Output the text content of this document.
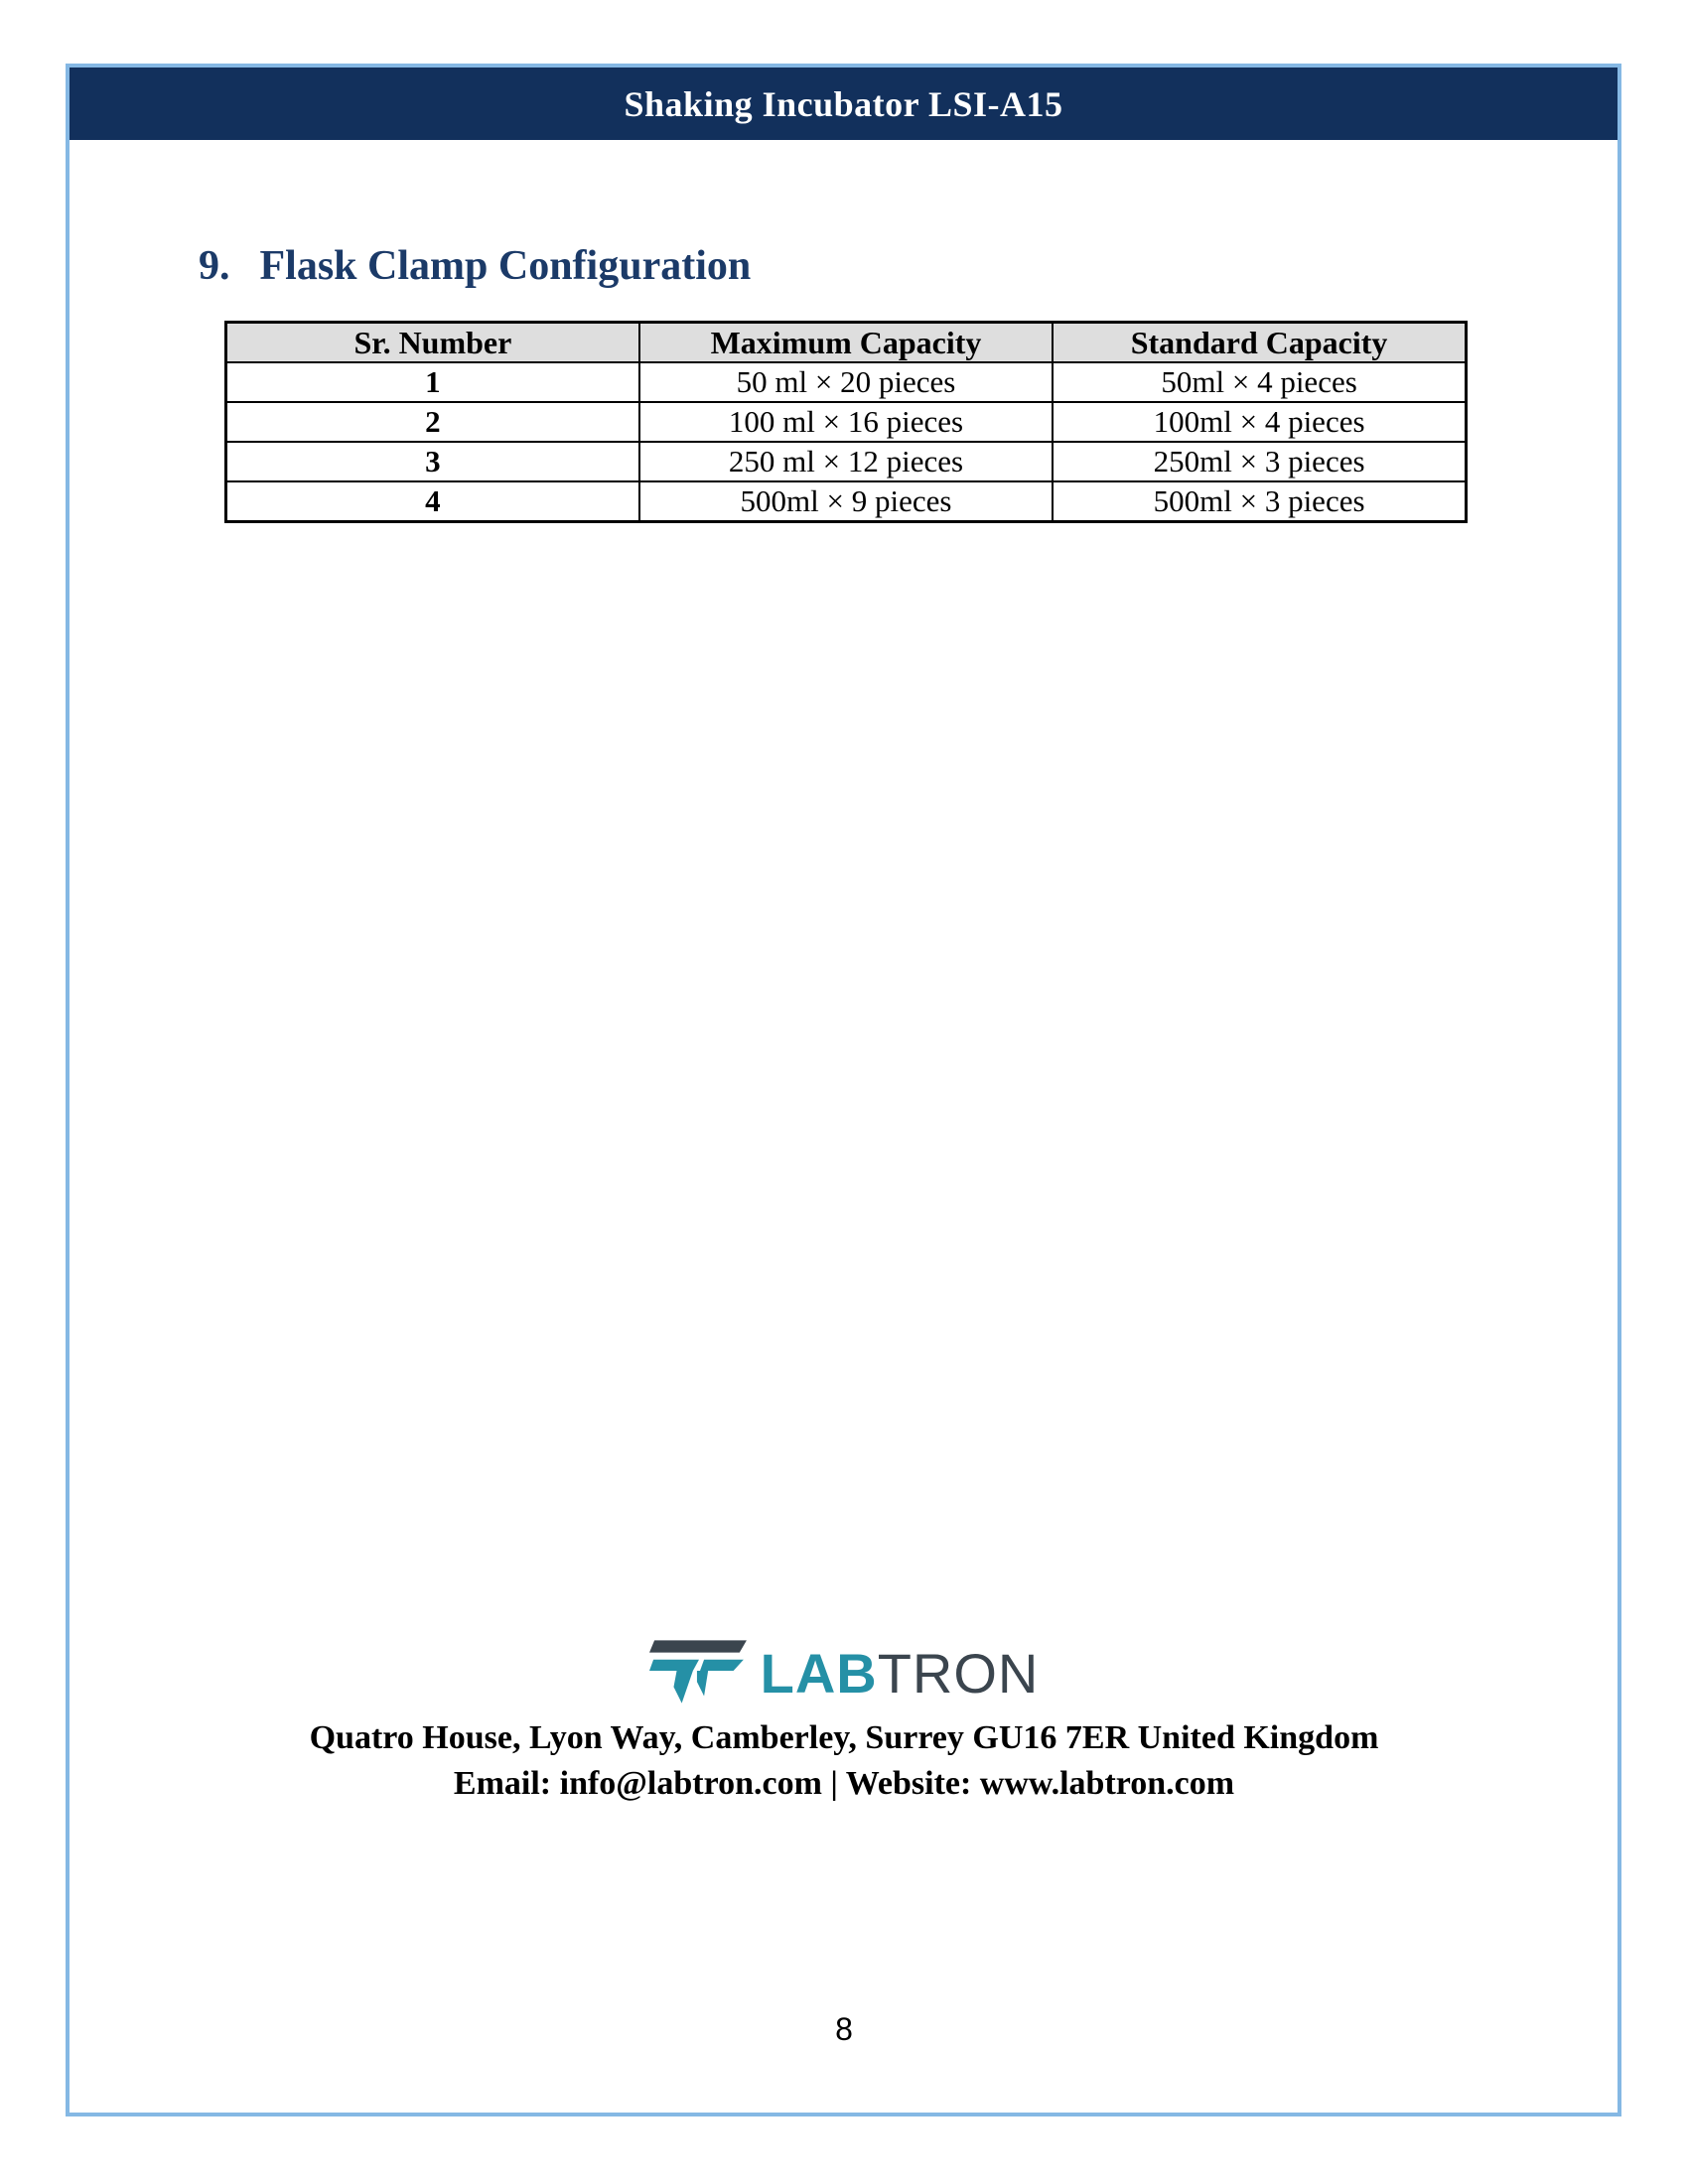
Shaking Incubator LSI-A15
9. Flask Clamp Configuration
Sr. Number	Maximum Capacity	Standard Capacity
1	50 ml × 20 pieces	50ml × 4 pieces
2	100 ml × 16 pieces	100ml × 4 pieces
3	250 ml × 12 pieces	250ml × 3 pieces
4	500ml × 9 pieces	500ml × 3 pieces
LAB TRON
Quatro House, Lyon Way, Camberley, Surrey GU16 7ER United Kingdom
Email: info@labtron.com | Website: www.labtron.com
8
